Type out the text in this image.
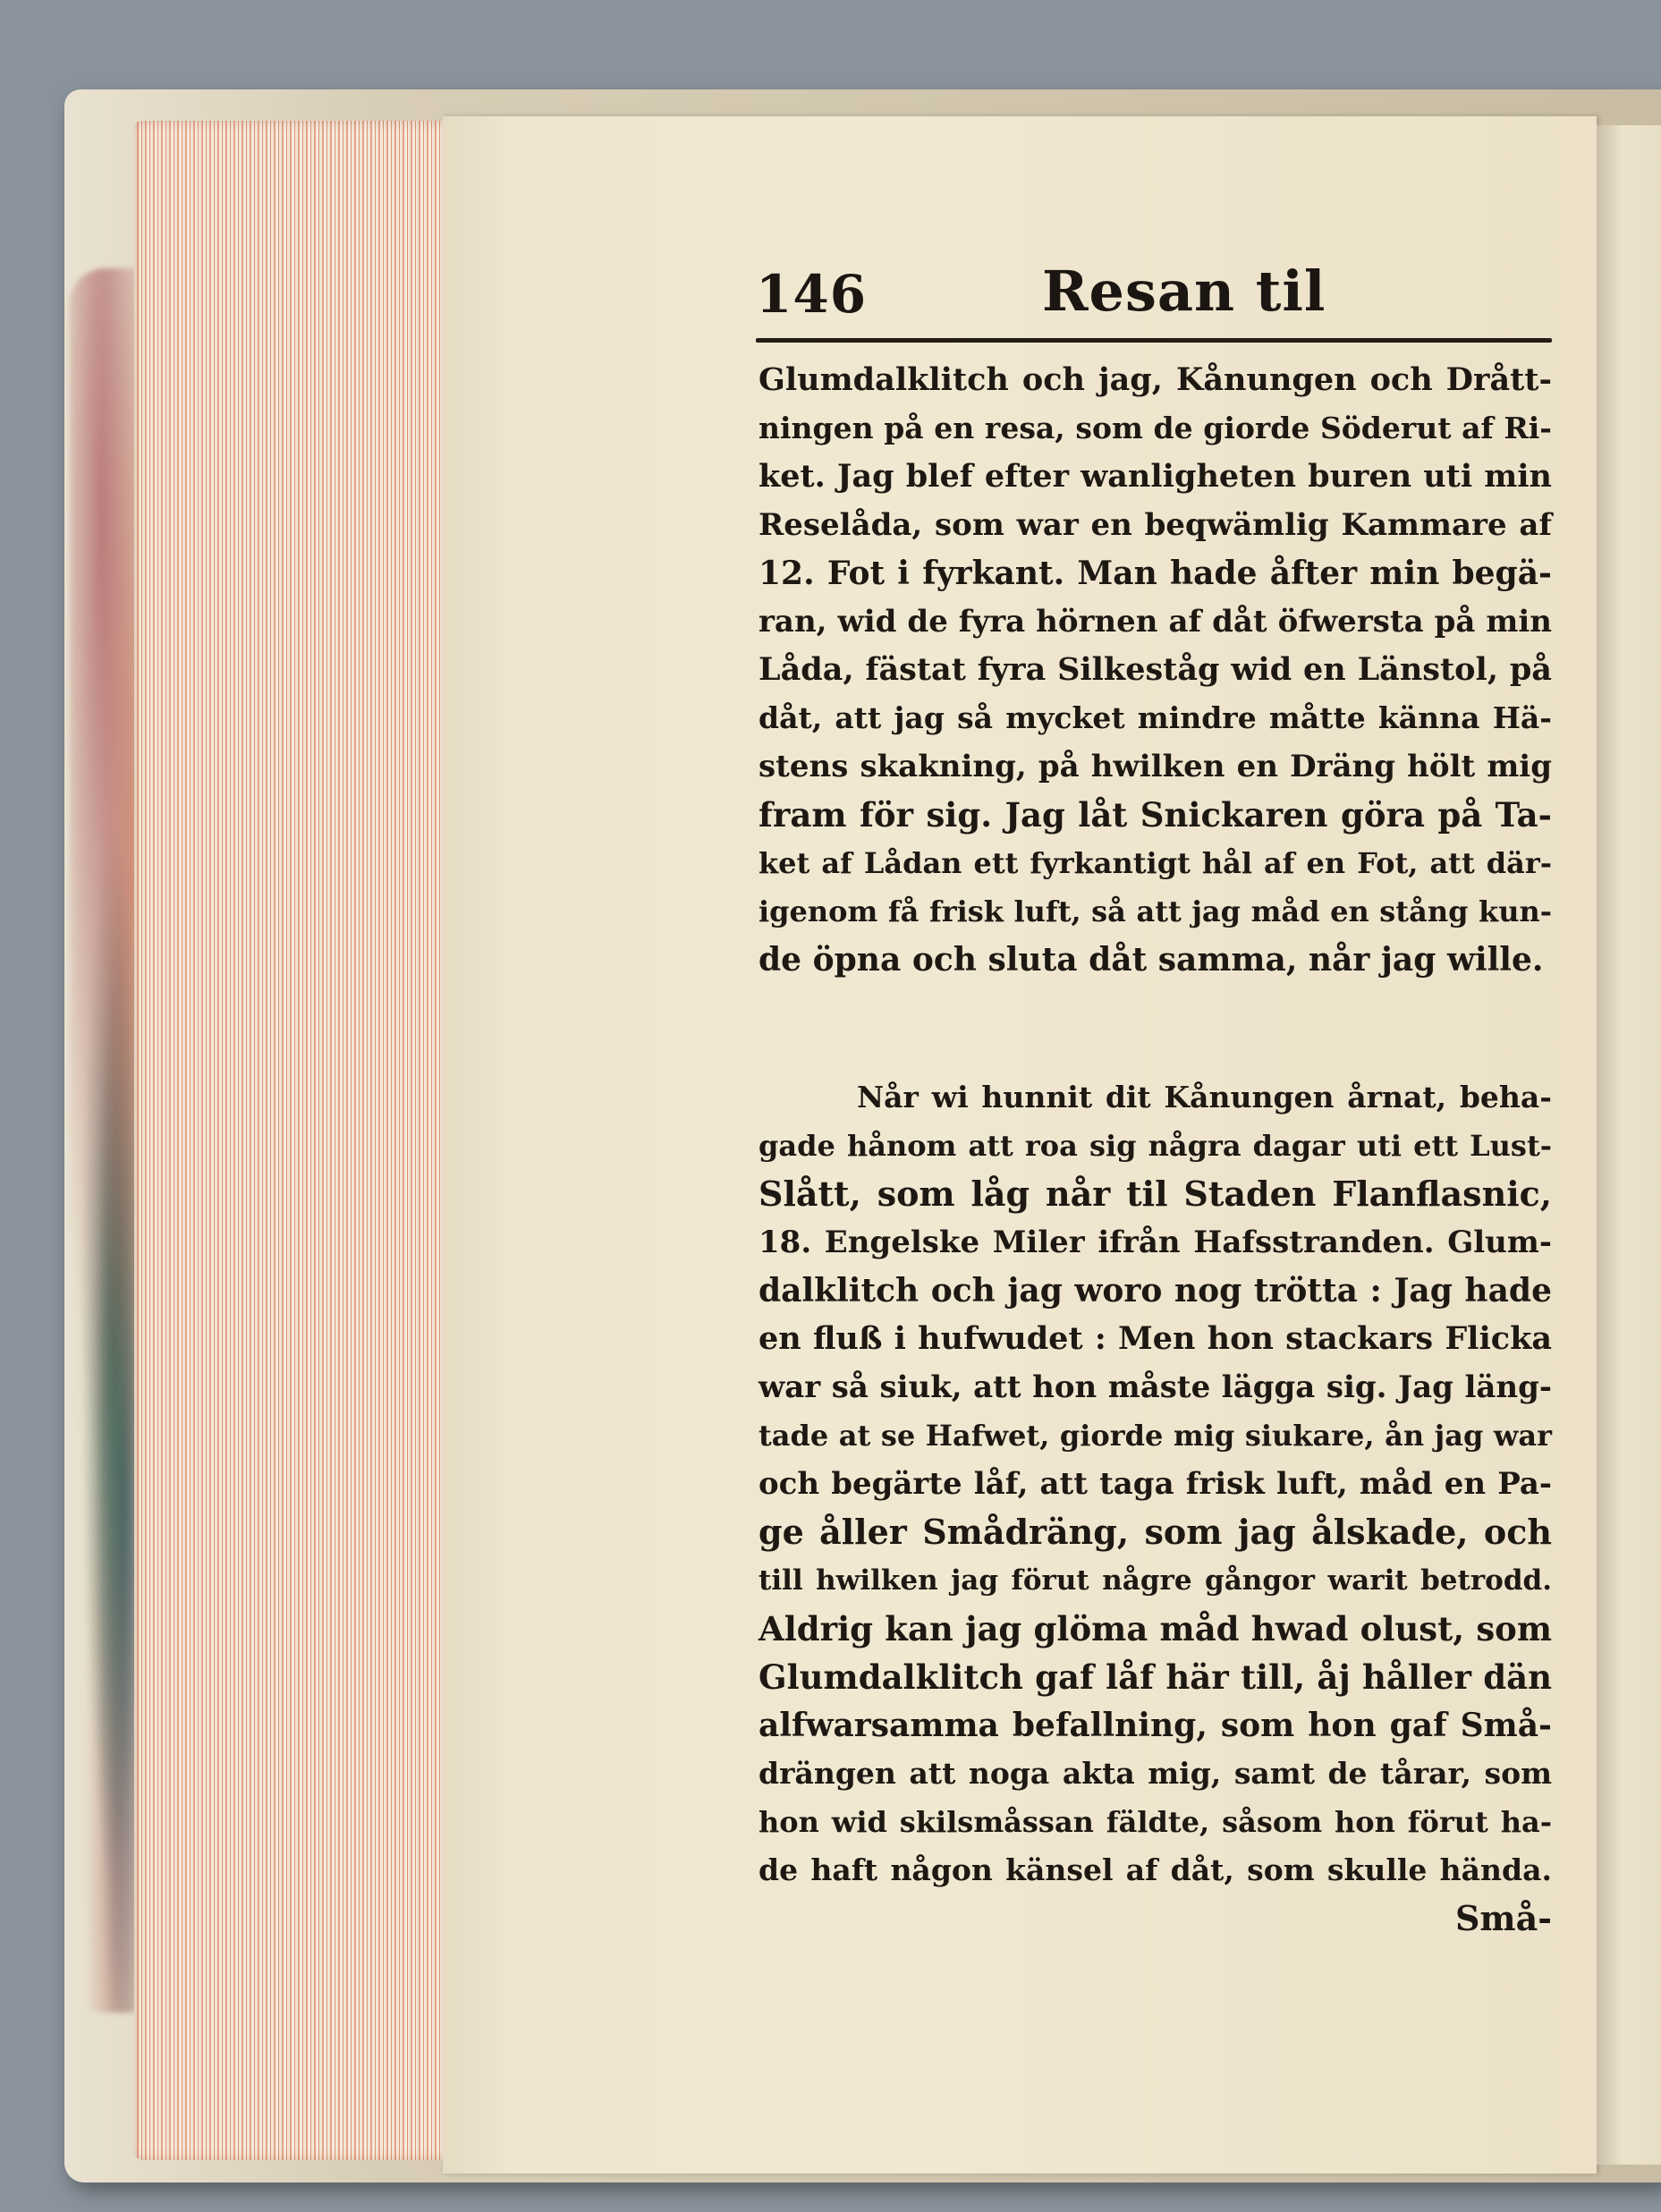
146	Resan til
Glumdalklitch och jag, Kånungen och Drått-
ningen på en resa, som de giorde Söderut af Ri-
ket. Jag blef efter wanligheten buren uti min
Reselåda, som war en beqwämlig Kammare af
12. Fot i fyrkant. Man hade åfter min begä-
ran, wid de fyra hörnen af dåt öfwersta på min
Låda, fästat fyra Silkeståg wid en Länstol, på
dåt, att jag så mycket mindre måtte känna Hä-
stens skakning, på hwilken en Dräng hölt mig
fram för sig. Jag låt Snickaren göra på Ta-
ket af Lådan ett fyrkantigt hål af en Fot, att där-
igenom få frisk luft, så att jag måd en stång kun-
de öpna och sluta dåt samma, når jag wille.
Når wi hunnit dit Kånungen årnat, beha-
gade hånom att roa sig några dagar uti ett Lust-
Slått, som låg når til Staden Flanflasnic,
18. Engelske Miler ifrån Hafsstranden. Glum-
dalklitch och jag woro nog trötta : Jag hade
en fluß i hufwudet : Men hon stackars Flicka
war så siuk, att hon måste lägga sig. Jag läng-
tade at se Hafwet, giorde mig siukare, ån jag war
och begärte låf, att taga frisk luft, måd en Pa-
ge åller Smådräng, som jag ålskade, och
till hwilken jag förut någre gångor warit betrodd.
Aldrig kan jag glöma måd hwad olust, som
Glumdalklitch gaf låf här till, åj håller dän
alfwarsamma befallning, som hon gaf Små-
drängen att noga akta mig, samt de tårar, som
hon wid skilsmåssan fäldte, såsom hon förut ha-
de haft någon känsel af dåt, som skulle hända.
Små-
